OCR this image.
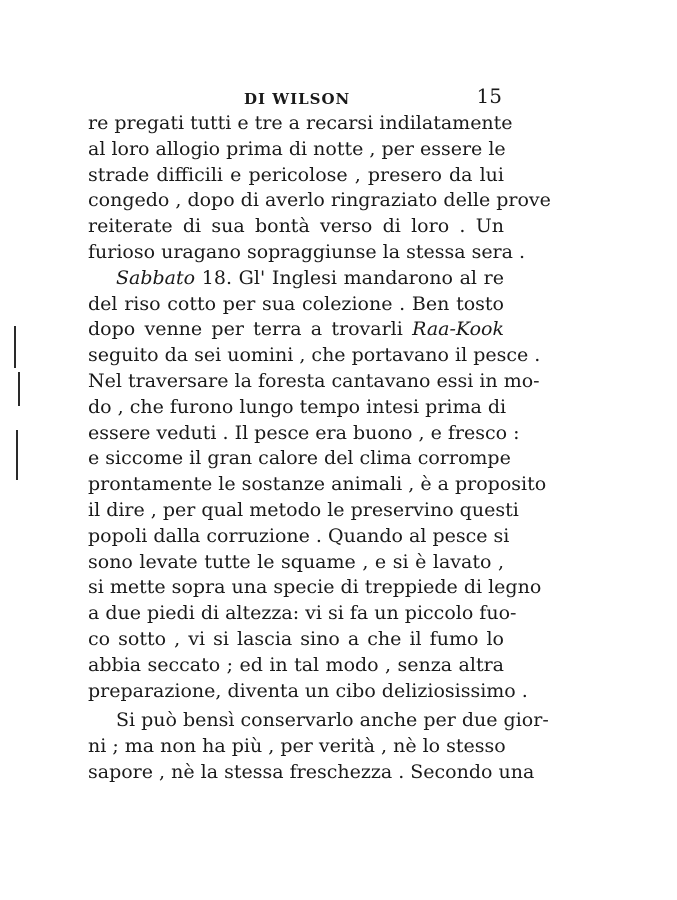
DI WILSON	15
re pregati tutti e tre a recarsi indilatamente
al loro allogio prima di notte , per essere le
strade difficili e pericolose , presero da lui
congedo , dopo di averlo ringraziato delle prove
reiterate di sua bontà verso di loro . Un
furioso uragano sopraggiunse la stessa sera .
Sabbato 18. Gl' Inglesi mandarono al re
del riso cotto per sua colezione . Ben tosto
dopo venne per terra a trovarli Raa-Kook
seguito da sei uomini , che portavano il pesce .
Nel traversare la foresta cantavano essi in mo-
do , che furono lungo tempo intesi prima di
essere veduti . Il pesce era buono , e fresco :
e siccome il gran calore del clima corrompe
prontamente le sostanze animali , è a proposito
il dire , per qual metodo le preservino questi
popoli dalla corruzione . Quando al pesce si
sono levate tutte le squame , e si è lavato ,
si mette sopra una specie di treppiede di legno
a due piedi di altezza: vi si fa un piccolo fuo-
co sotto , vi si lascia sino a che il fumo lo
abbia seccato ; ed in tal modo , senza altra
preparazione, diventa un cibo deliziosissimo .
Si può bensì conservarlo anche per due gior-
ni ; ma non ha più , per verità , nè lo stesso
sapore , nè la stessa freschezza . Secondo una
